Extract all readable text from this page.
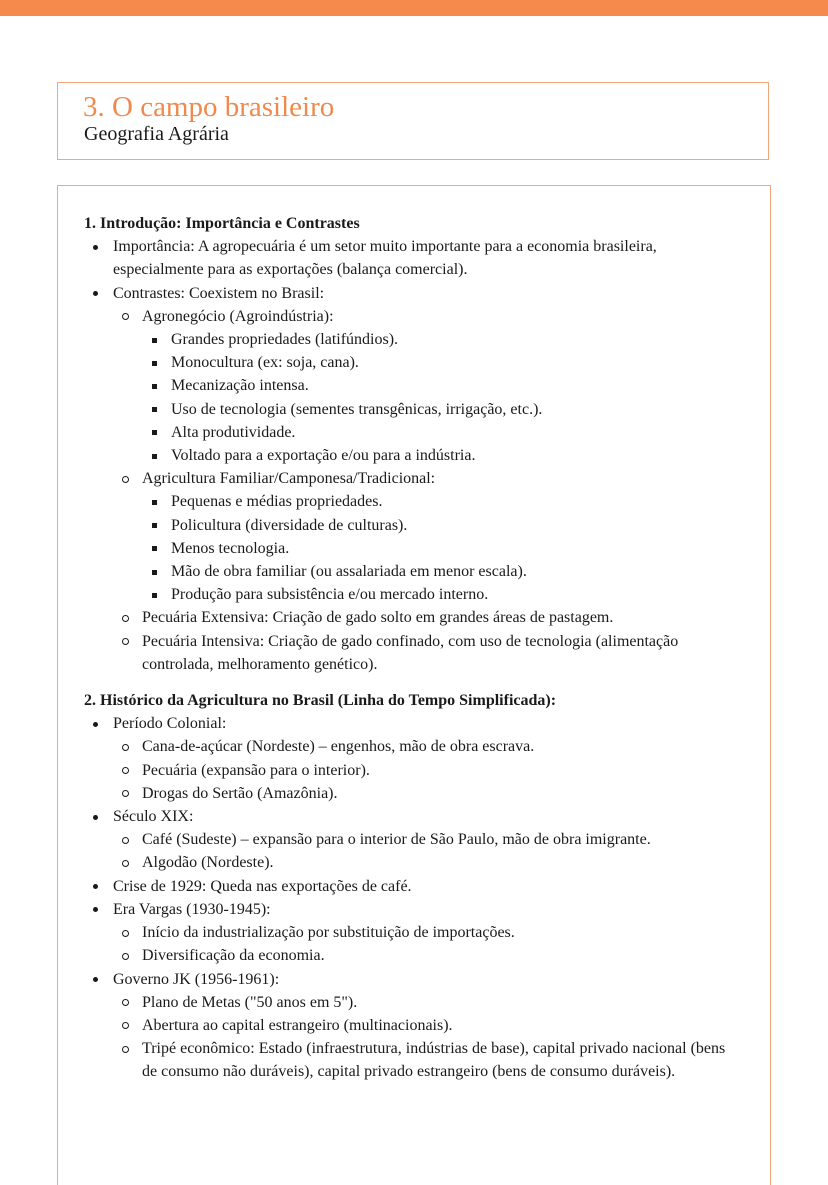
3. O campo brasileiro
Geografia Agrária

1. Introdução: Importância e Contrastes

Importância: A agropecuária é um setor muito importante para a economia brasileira, especialmente para as exportações (balança comercial).
Contrastes: Coexistem no Brasil:
Agronegócio (Agroindústria):
Grandes propriedades (latifúndios).
Monocultura (ex: soja, cana).
Mecanização intensa.
Uso de tecnologia (sementes transgênicas, irrigação, etc.).
Alta produtividade.
Voltado para a exportação e/ou para a indústria.
Agricultura Familiar/Camponesa/Tradicional:
Pequenas e médias propriedades.
Policultura (diversidade de culturas).
Menos tecnologia.
Mão de obra familiar (ou assalariada em menor escala).
Produção para subsistência e/ou mercado interno.
Pecuária Extensiva: Criação de gado solto em grandes áreas de pastagem.
Pecuária Intensiva: Criação de gado confinado, com uso de tecnologia (alimentação controlada, melhoramento genético).

2. Histórico da Agricultura no Brasil (Linha do Tempo Simplificada):

Período Colonial:
Cana-de-açúcar (Nordeste) – engenhos, mão de obra escrava.
Pecuária (expansão para o interior).
Drogas do Sertão (Amazônia).
Século XIX:
Café (Sudeste) – expansão para o interior de São Paulo, mão de obra imigrante.
Algodão (Nordeste).
Crise de 1929: Queda nas exportações de café.
Era Vargas (1930-1945):
Início da industrialização por substituição de importações.
Diversificação da economia.
Governo JK (1956-1961):
Plano de Metas ("50 anos em 5").
Abertura ao capital estrangeiro (multinacionais).
Tripé econômico: Estado (infraestrutura, indústrias de base), capital privado nacional (bens de consumo não duráveis), capital privado estrangeiro (bens de consumo duráveis).
